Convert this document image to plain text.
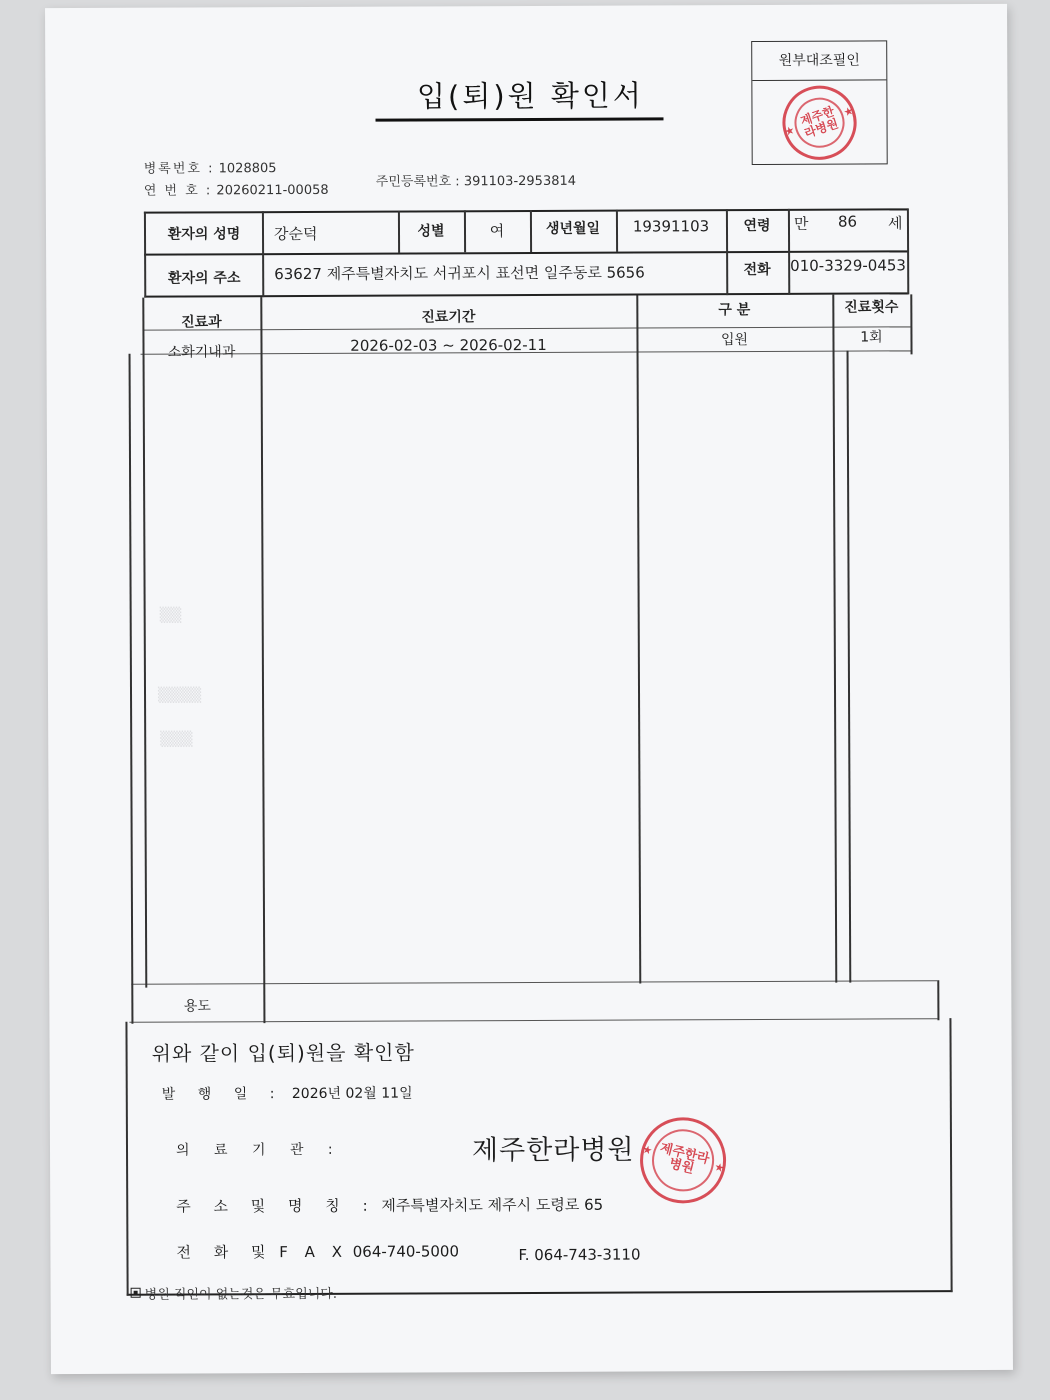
입(퇴)원 확인서
원부대조필인
★
★
제주한라병원
병록번호 : 1028805
연 번 호 : 20260211-00058
주민등록번호 : 391103-2953814
환자의 성명	강순덕	성별	여	생년월일	19391103	연령	만 86 세
환자의 주소	63627 제주특별자치도 서귀포시 표선면 일주동로 5656	전화	010-3329-0453
진료과	진료기간	구 분	진료횟수
소화기내과	2026-02-03 ~ 2026-02-11	입원	1회
용도
▒▒
▒▒▒▒
▒▒▒
위와 같이 입(퇴)원을 확인함
발 행 일 : 2026년 02월 11일
의 료 기 관 :	제주한라병원 ★
★
제주한라병원
주 소 및 명 칭 : 제주특별자치도 제주시 도령로 65
전 화 및 F A X 064-740-5000	F. 064-743-3110
병원 직인이 없는것은 무효입니다.
